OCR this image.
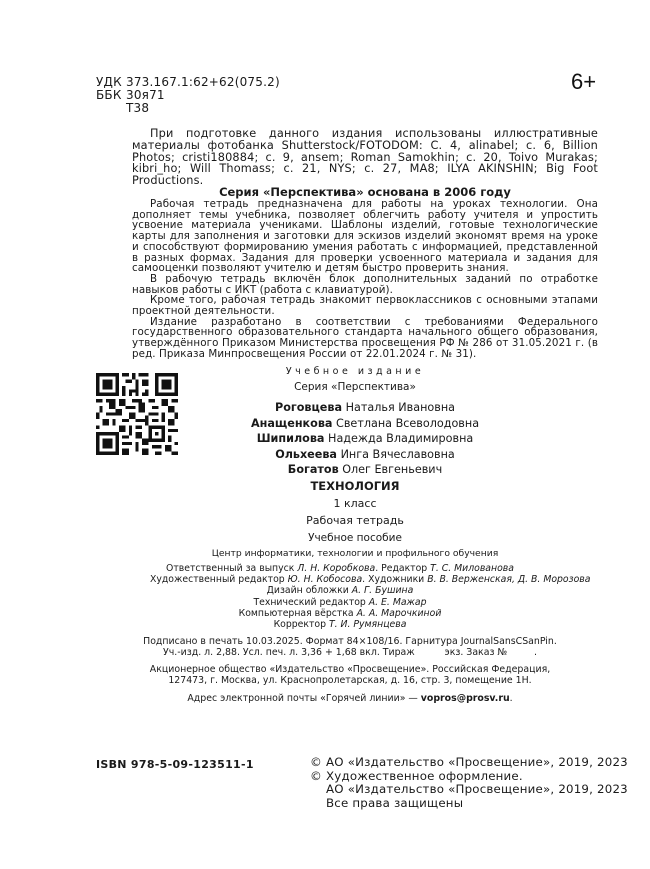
УДК 373.167.1:62+62(075.2)
ББК 30я71
Т38
6+
При подготовке данного издания использованы иллюстративные материалы фотобанка Shutterstock/FOTODOM: С. 4, alinabel; с. 6, Billion Photos; cristi180884; с. 9, ansem; Roman Samokhin; с. 20, Toivo Murakas; kibri_ho; Will Thomass; с. 21, NYS; с. 27, MA8; ILYA AKINSHIN; Big Foot Productions.
Серия «Перспектива» основана в 2006 году

Рабочая тетрадь предназначена для работы на уроках технологии. Она дополняет темы учебника, позволяет облегчить работу учителя и упростить усвоение материала учениками. Шаблоны изделий, готовые технологические карты для заполнения и заготовки для эскизов изделий экономят время на уроке и способствуют формированию умения работать с информацией, представленной в разных формах. Задания для проверки усвоенного материала и задания для самооценки позволяют учителю и детям быстро проверить знания.

В рабочую тетрадь включён блок дополнительных заданий по отработке навыков работы с ИКТ (работа с клавиатурой).

Кроме того, рабочая тетрадь знакомит первоклассников с основными этапами проектной деятельности.

Издание разработано в соответствии с требованиями Федерального государственного образовательного стандарта начального общего образования, утверждённого Приказом Министерства просвещения РФ № 286 от 31.05.2021 г. (в ред. Приказа Минпросвещения России от 22.01.2024 г. № 31).

Учебное издание
Серия «Перспектива»
Роговцева Наталья Ивановна
Анащенкова Светлана Всеволодовна
Шипилова Надежда Владимировна
Ольхеева Инга Вячеславовна
Богатов Олег Евгеньевич
ТЕХНОЛОГИЯ
1 класс
Рабочая тетрадь
Учебное пособие
Центр информатики, технологии и профильного обучения
Ответственный за выпуск Л. Н. Коробкова. Редактор Т. С. Милованова
Художественный редактор Ю. Н. Кобосова. Художники В. В. Верженская, Д. В. Морозова
Дизайн обложки А. Г. Бушина
Технический редактор А. Е. Мажар
Компьютерная вёрстка А. А. Марочкиной
Корректор Т. И. Румянцева
Подписано в печать 10.03.2025. Формат 84×108/16. Гарнитура JournalSansCSanPin.
Уч.-изд. л. 2,88. Усл. печ. л. 3,36 + 1,68 вкл. Тираж          экз. Заказ №         .
Акционерное общество «Издательство «Просвещение». Российская Федерация,
127473, г. Москва, ул. Краснопролетарская, д. 16, стр. 3, помещение 1Н.
Адрес электронной почты «Горячей линии» — vopros@prosv.ru.
ISBN 978-5-09-123511-1	© АО «Издательство «Просвещение», 2019, 2023
© Художественное оформление.
АО «Издательство «Просвещение», 2019, 2023
Все права защищены
